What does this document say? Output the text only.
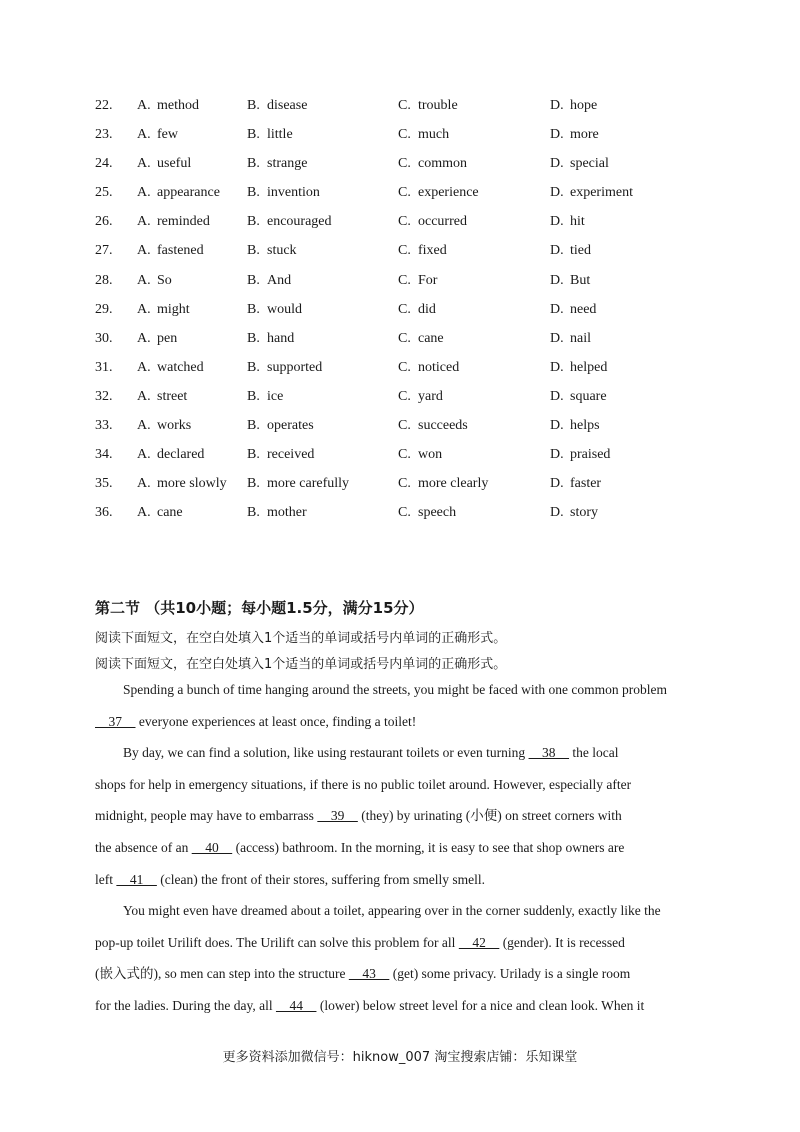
22. A. method	B. disease	C. trouble	D. hope
23. A. few	B. little	C. much	D. more
24. A. useful	B. strange	C. common	D. special
25. A. appearance B. invention	C. experience	D. experiment
26. A. reminded	B. encouraged	C. occurred	D. hit
27. A. fastened	B. stuck	C. fixed	D. tied
28. A. So	B. And	C. For	D. But
29. A. might	B. would	C. did	D. need
30. A. pen	B. hand	C. cane	D. nail
31. A. watched	B. supported	C. noticed	D. helped
32. A. street	B. ice	C. yard	D. square
33. A. works	B. operates	C. succeeds	D. helps
34. A. declared	B. received	C. won	D. praised
35. A. more slowly B. more carefully	C. more clearly	D. faster
36. A. cane	B. mother	C. speech	D. story
第二节 （共10小题；每小题1.5分，满分15分）
阅读下面短文，在空白处填入1个适当的单词或括号内单词的正确形式。
阅读下面短文，在空白处填入1个适当的单词或括号内单词的正确形式。
Spending a bunch of time hanging around the streets, you might be faced with one common problem
37     everyone experiences at least once, finding a toilet!
By day, we can find a solution, like using restaurant toilets or even turning     38     the local
shops for help in emergency situations, if there is no public toilet around. However, especially after
midnight, people may have to embarrass     39     (they) by urinating (小便) on street corners with
the absence of an     40     (access) bathroom. In the morning, it is easy to see that shop owners are
left     41     (clean) the front of their stores, suffering from smelly smell.
You might even have dreamed about a toilet, appearing over in the corner suddenly, exactly like the
pop-up toilet Urilift does. The Urilift can solve this problem for all     42     (gender). It is recessed
(嵌入式的), so men can step into the structure     43     (get) some privacy. Urilady is a single room
for the ladies. During the day, all     44     (lower) below street level for a nice and clean look. When it
更多资料添加微信号：hiknow_007 淘宝搜索店铺：乐知课堂
